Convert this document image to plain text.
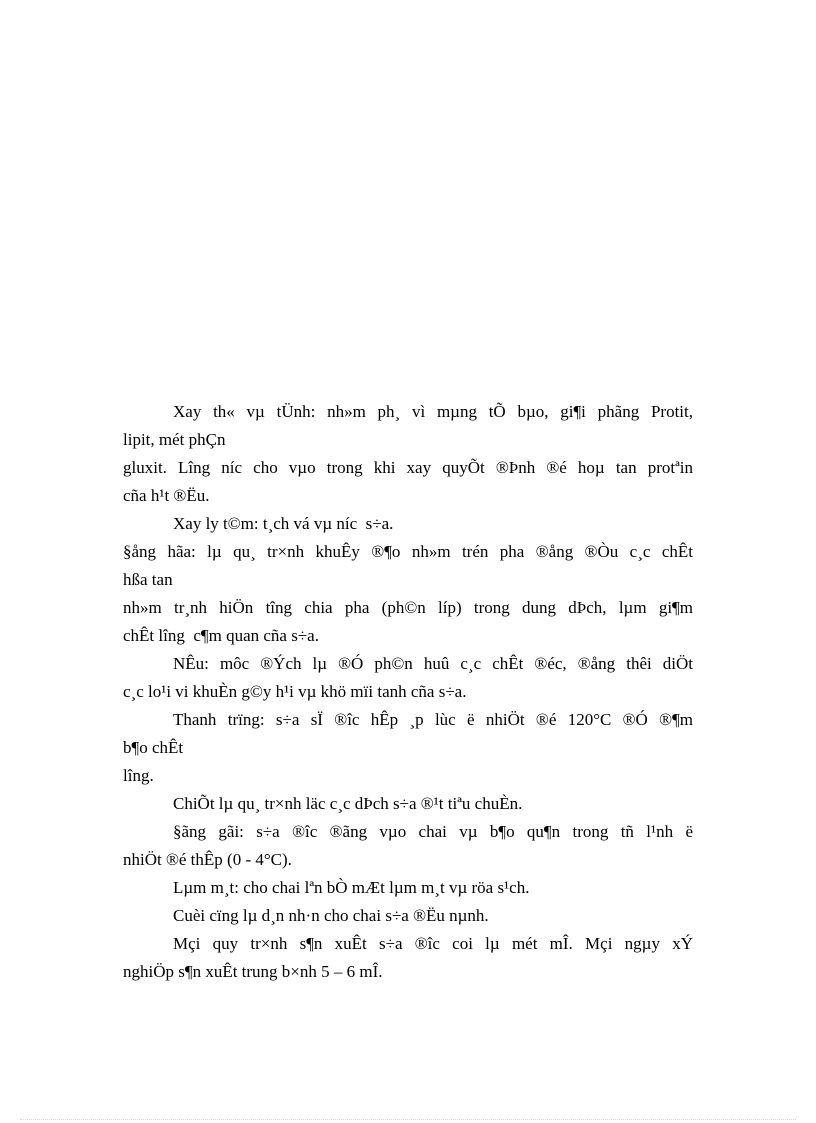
Xay th« vµ tÜnh: nh»m ph¸ vì mµng tÕ bµo, gi¶i phãng Protit,
lipit, mét phÇn
gluxit. Lîng níc cho vµo trong khi xay quyÕt ®Þnh ®é hoµ tan protªin
cña h¹t ®Ëu.
Xay ly t©m: t¸ch vá vµ níc  s÷a.
§ång hãa: lµ qu¸ tr×nh khuÊy ®¶o nh»m trén pha ®ång ®Òu c¸c chÊt
hßa tan
nh»m tr¸nh hiÖn tîng chia pha (ph©n líp) trong dung dÞch, lµm gi¶m
chÊt lîng  c¶m quan cña s÷a.
NÊu: môc ®Ých lµ ®Ó ph©n huû c¸c chÊt ®éc, ®ång thêi diÖt
c¸c lo¹i vi khuÈn g©y h¹i vµ khö mïi tanh cña s÷a.
Thanh trïng: s÷a sÏ ®îc hÊp ¸p lùc ë nhiÖt ®é 120°C ®Ó ®¶m
b¶o chÊt
lîng.
ChiÕt lµ qu¸ tr×nh läc c¸c dÞch s÷a ®¹t tiªu chuÈn.
§ãng gãi: s÷a ®îc ®ãng vµo chai vµ b¶o qu¶n trong tñ l¹nh ë
nhiÖt ®é thÊp (0 - 4°C).
Lµm m¸t: cho chai lªn bÒ mÆt lµm m¸t vµ röa s¹ch.
Cuèi cïng lµ d¸n nh·n cho chai s÷a ®Ëu nµnh.
Mçi quy tr×nh s¶n xuÊt s÷a ®îc coi lµ mét mÎ. Mçi ngµy xÝ
nghiÖp s¶n xuÊt trung b×nh 5 – 6 mÎ.
